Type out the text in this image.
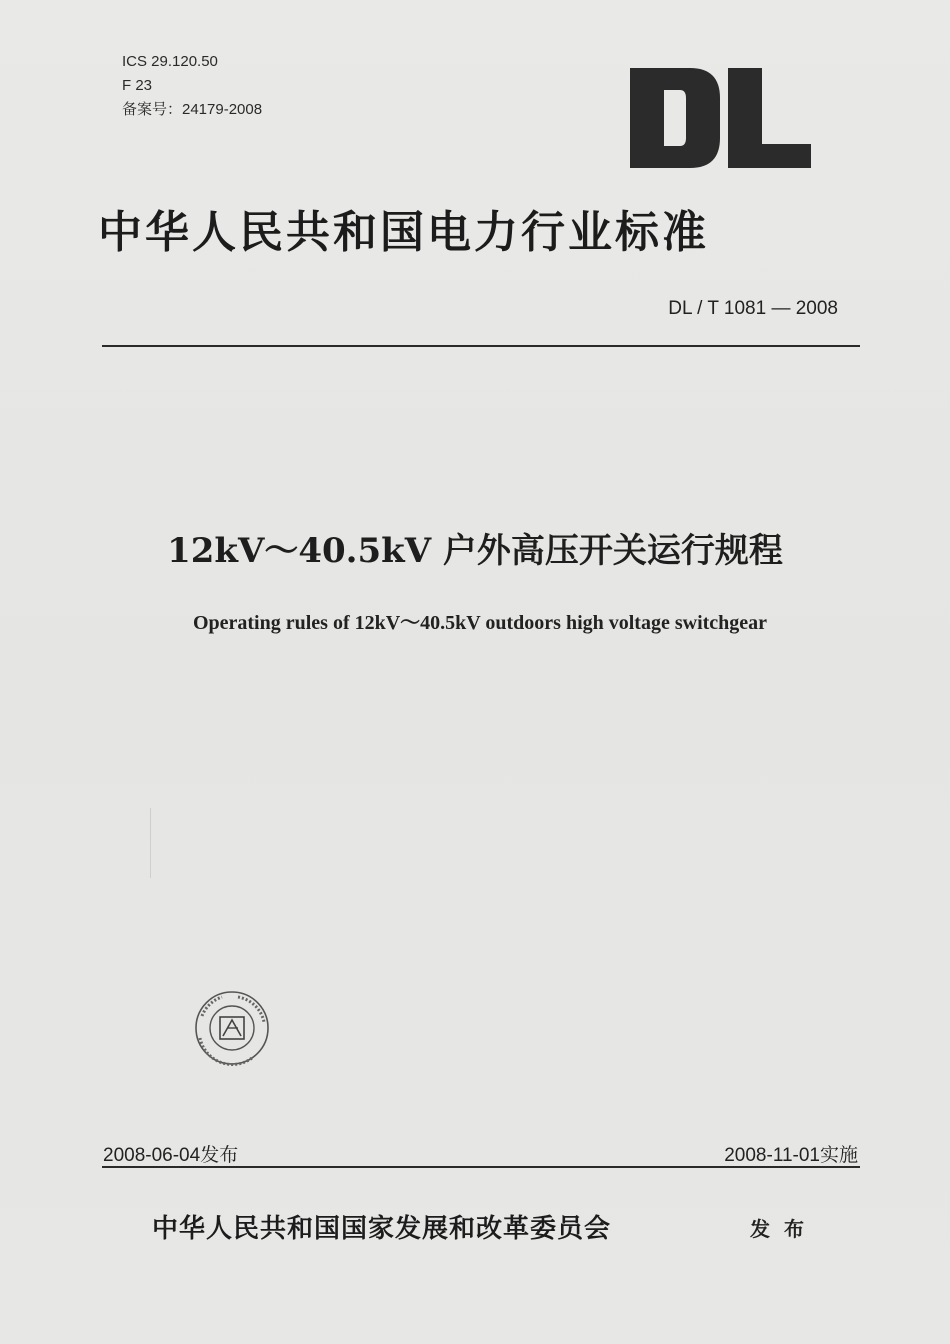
ICS 29.120.50
F 23
备案号：24179-2008
中华人民共和国电力行业标准
DL / T 1081 — 2008
12kV～40.5kV 户外高压开关运行规程
Operating rules of 12kV～40.5kV outdoors high voltage switchgear
2008-06-04发布	2008-11-01实施
中华人民共和国国家发展和改革委员会	发布
